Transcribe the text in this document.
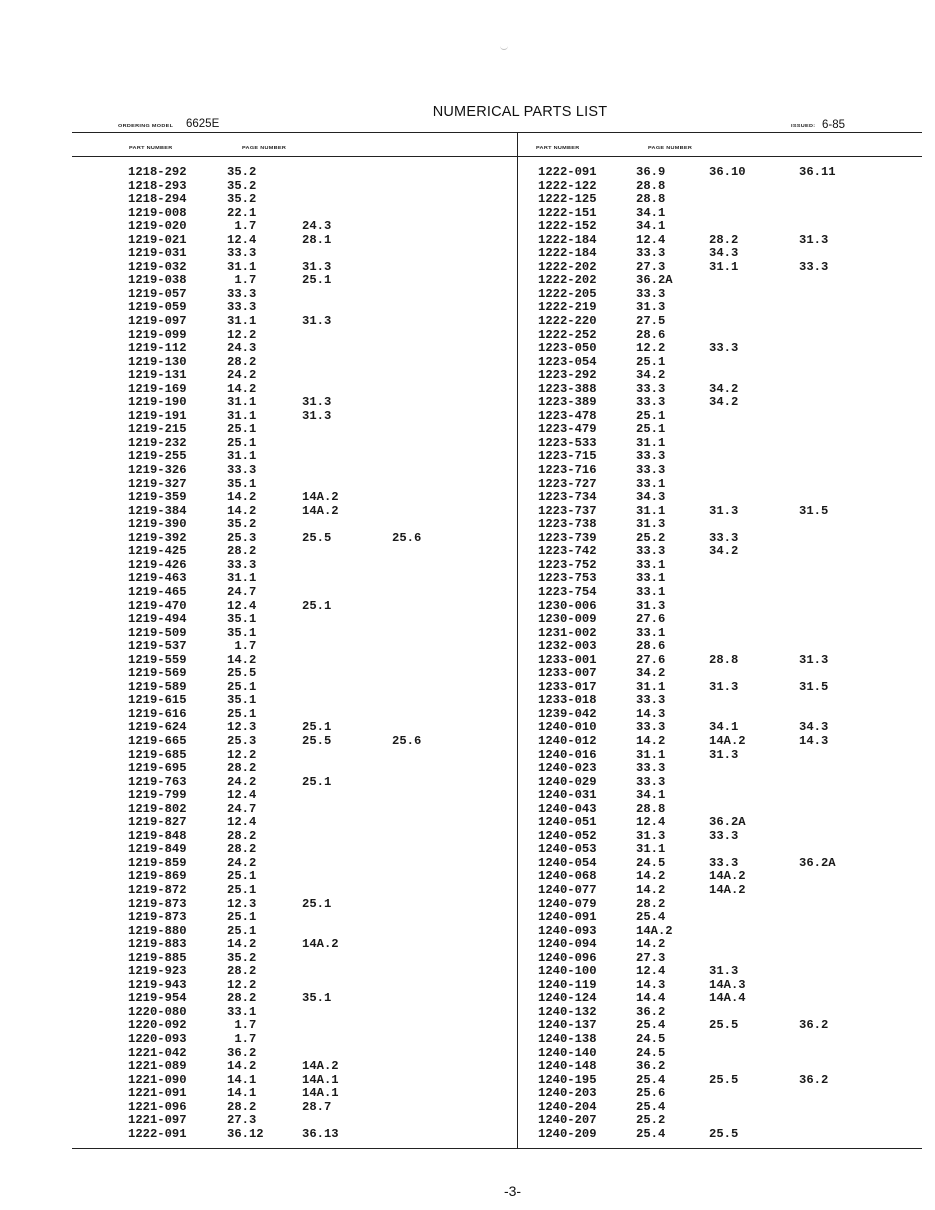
NUMERICAL PARTS LIST
ORDERING MODEL 6625E	ISSUED: 6-85
PART NUMBER	PAGE NUMBER	PART NUMBER	PAGE NUMBER
1218-292	35.2
1218-293	35.2
1218-294	35.2
1219-008	22.1
1219-020	1.7	24.3
1219-021	12.4	28.1
1219-031	33.3
1219-032	31.1	31.3
1219-038	1.7	25.1
1219-057	33.3
1219-059	33.3
1219-097	31.1	31.3
1219-099	12.2
1219-112	24.3
1219-130	28.2
1219-131	24.2
1219-169	14.2
1219-190	31.1	31.3
1219-191	31.1	31.3
1219-215	25.1
1219-232	25.1
1219-255	31.1
1219-326	33.3
1219-327	35.1
1219-359	14.2	14A.2
1219-384	14.2	14A.2
1219-390	35.2
1219-392	25.3	25.5	25.6
1219-425	28.2
1219-426	33.3
1219-463	31.1
1219-465	24.7
1219-470	12.4	25.1
1219-494	35.1
1219-509	35.1
1219-537	1.7
1219-559	14.2
1219-569	25.5
1219-589	25.1
1219-615	35.1
1219-616	25.1
1219-624	12.3	25.1
1219-665	25.3	25.5	25.6
1219-685	12.2
1219-695	28.2
1219-763	24.2	25.1
1219-799	12.4
1219-802	24.7
1219-827	12.4
1219-848	28.2
1219-849	28.2
1219-859	24.2
1219-869	25.1
1219-872	25.1
1219-873	12.3	25.1
1219-873	25.1
1219-880	25.1
1219-883	14.2	14A.2
1219-885	35.2
1219-923	28.2
1219-943	12.2
1219-954	28.2	35.1
1220-080	33.1
1220-092	1.7
1220-093	1.7
1221-042	36.2
1221-089	14.2	14A.2
1221-090	14.1	14A.1
1221-091	14.1	14A.1
1221-096	28.2	28.7
1221-097	27.3
1222-091	36.12	36.13
1222-091	36.9	36.10	36.11
1222-122	28.8
1222-125	28.8
1222-151	34.1
1222-152	34.1
1222-184	12.4	28.2	31.3
1222-184	33.3	34.3
1222-202	27.3	31.1	33.3
1222-202	36.2A
1222-205	33.3
1222-219	31.3
1222-220	27.5
1222-252	28.6
1223-050	12.2	33.3
1223-054	25.1
1223-292	34.2
1223-388	33.3	34.2
1223-389	33.3	34.2
1223-478	25.1
1223-479	25.1
1223-533	31.1
1223-715	33.3
1223-716	33.3
1223-727	33.1
1223-734	34.3
1223-737	31.1	31.3	31.5
1223-738	31.3
1223-739	25.2	33.3
1223-742	33.3	34.2
1223-752	33.1
1223-753	33.1
1223-754	33.1
1230-006	31.3
1230-009	27.6
1231-002	33.1
1232-003	28.6
1233-001	27.6	28.8	31.3
1233-007	34.2
1233-017	31.1	31.3	31.5
1233-018	33.3
1239-042	14.3
1240-010	33.3	34.1	34.3
1240-012	14.2	14A.2	14.3
1240-016	31.1	31.3
1240-023	33.3
1240-029	33.3
1240-031	34.1
1240-043	28.8
1240-051	12.4	36.2A
1240-052	31.3	33.3
1240-053	31.1
1240-054	24.5	33.3	36.2A
1240-068	14.2	14A.2
1240-077	14.2	14A.2
1240-079	28.2
1240-091	25.4
1240-093	14A.2
1240-094	14.2
1240-096	27.3
1240-100	12.4	31.3
1240-119	14.3	14A.3
1240-124	14.4	14A.4
1240-132	36.2
1240-137	25.4	25.5	36.2
1240-138	24.5
1240-140	24.5
1240-148	36.2
1240-195	25.4	25.5	36.2
1240-203	25.6
1240-204	25.4
1240-207	25.2
1240-209	25.4	25.5
-3-
